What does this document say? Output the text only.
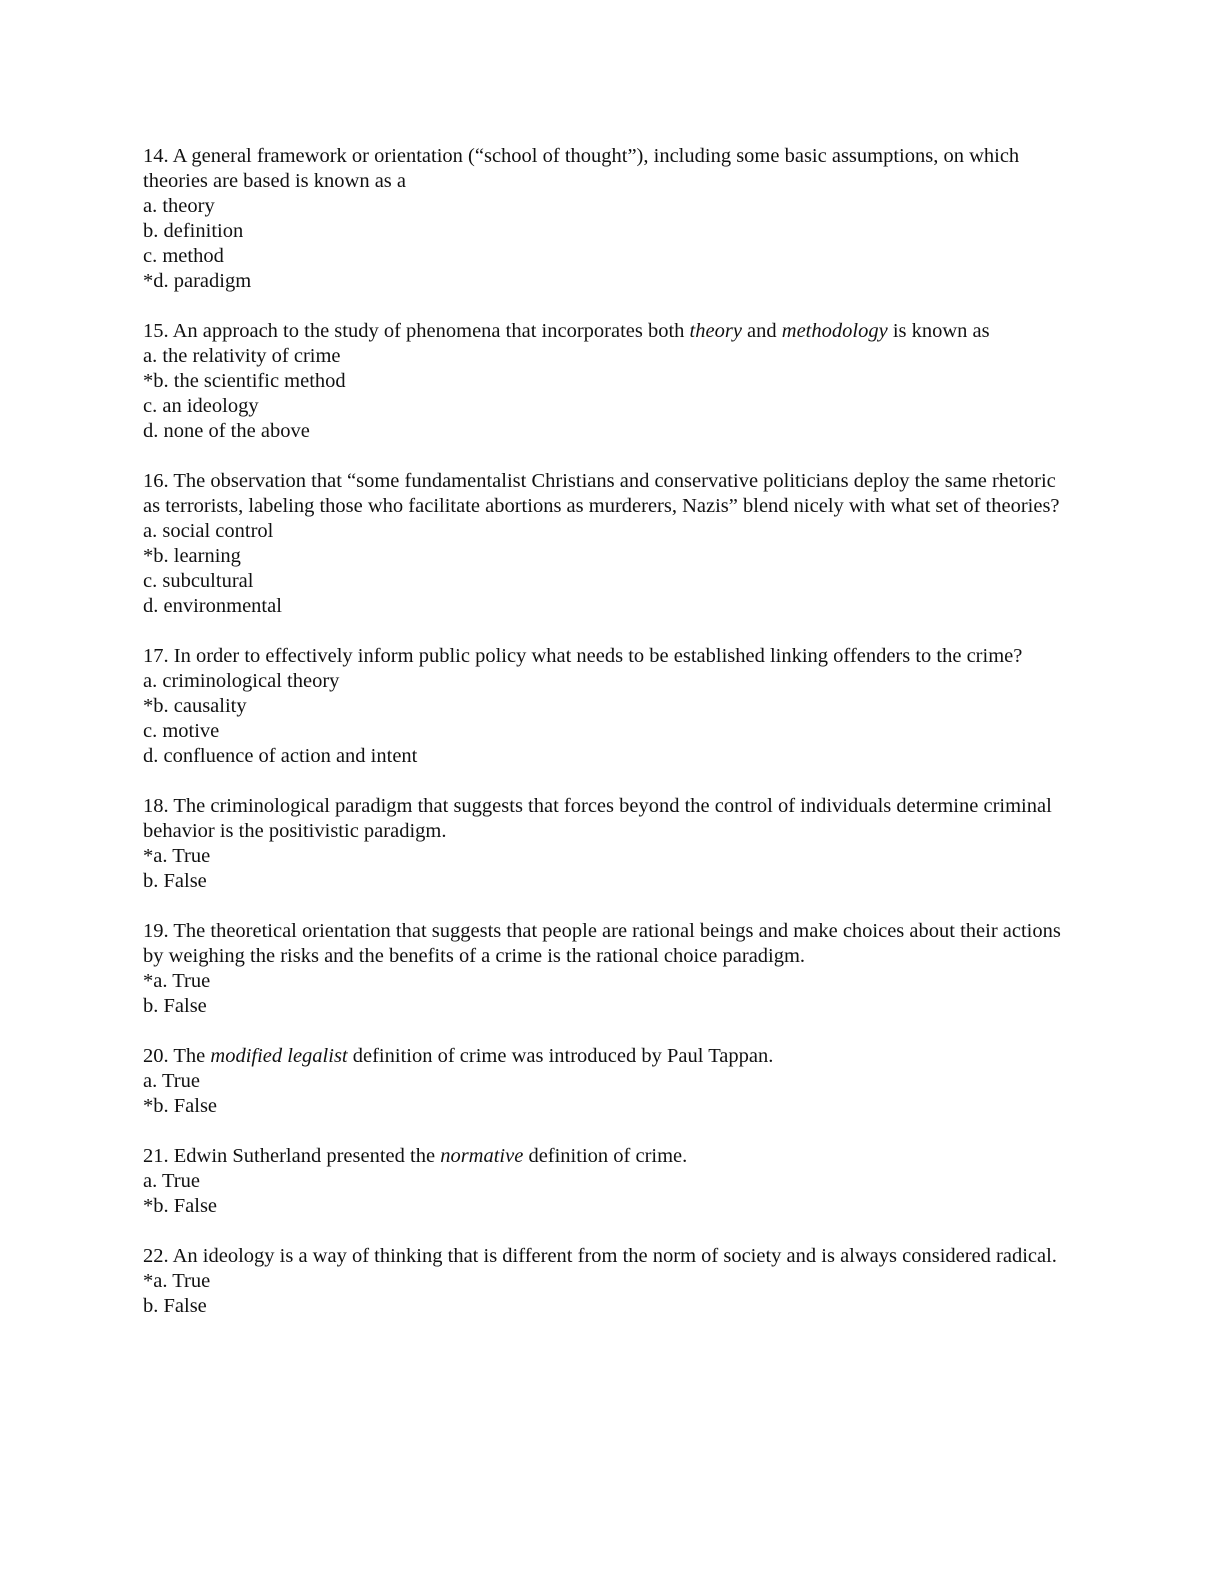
14. A general framework or orientation (“school of thought”), including some basic assumptions, on which theories are based is known as a

a. theory
b. definition
c. method
*d. paradigm

15. An approach to the study of phenomena that incorporates both theory and methodology is known as

a. the relativity of crime
*b. the scientific method
c. an ideology
d. none of the above

16. The observation that “some fundamentalist Christians and conservative politicians deploy the same rhetoric as terrorists, labeling those who facilitate abortions as murderers, Nazis” blend nicely with what set of theories?

a. social control
*b. learning
c. subcultural
d. environmental

17. In order to effectively inform public policy what needs to be established linking offenders to the crime?

a. criminological theory
*b. causality
c. motive
d. confluence of action and intent

18. The criminological paradigm that suggests that forces beyond the control of individuals determine criminal behavior is the positivistic paradigm.

*a. True
b. False

19. The theoretical orientation that suggests that people are rational beings and make choices about their actions by weighing the risks and the benefits of a crime is the rational choice paradigm.

*a. True
b. False

20. The modified legalist definition of crime was introduced by Paul Tappan.

a. True
*b. False

21. Edwin Sutherland presented the normative definition of crime.

a. True
*b. False

22. An ideology is a way of thinking that is different from the norm of society and is always considered radical.

*a. True
b. False
